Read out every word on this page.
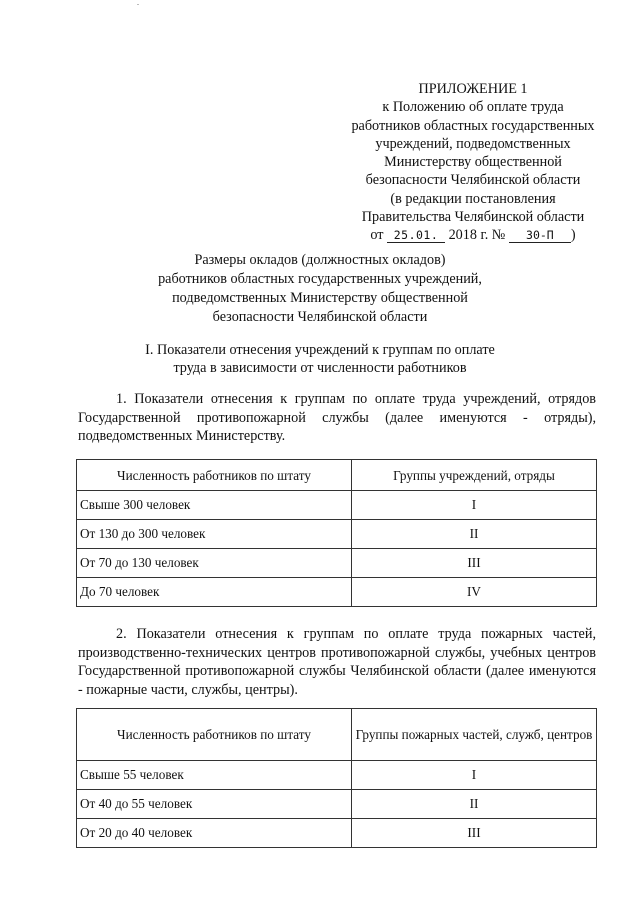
ПРИЛОЖЕНИЕ 1
к Положению об оплате труда
работников областных государственных
учреждений, подведомственных
Министерству общественной
безопасности Челябинской области
(в редакции постановления
Правительства Челябинской области
от 25.01. 2018 г. № 30-П )
Размеры окладов (должностных окладов)
работников областных государственных учреждений,
подведомственных Министерству общественной
безопасности Челябинской области
I. Показатели отнесения учреждений к группам по оплате
труда в зависимости от численности работников
1. Показатели отнесения к группам по оплате труда учреждений, отрядов Государственной противопожарной службы (далее именуются - отряды), подведомственных Министерству.
Численность работников по штату	Группы учреждений, отряды
Свыше 300 человек	I
От 130 до 300 человек	II
От 70 до 130 человек	III
До 70 человек	IV
2. Показатели отнесения к группам по оплате труда пожарных частей, производственно-технических центров противопожарной службы, учебных центров Государственной противопожарной службы Челябинской области (далее именуются - пожарные части, службы, центры).
Численность работников по штату	Группы пожарных частей, служб, центров
Свыше 55 человек	I
От 40 до 55 человек	II
От 20 до 40 человек	III
